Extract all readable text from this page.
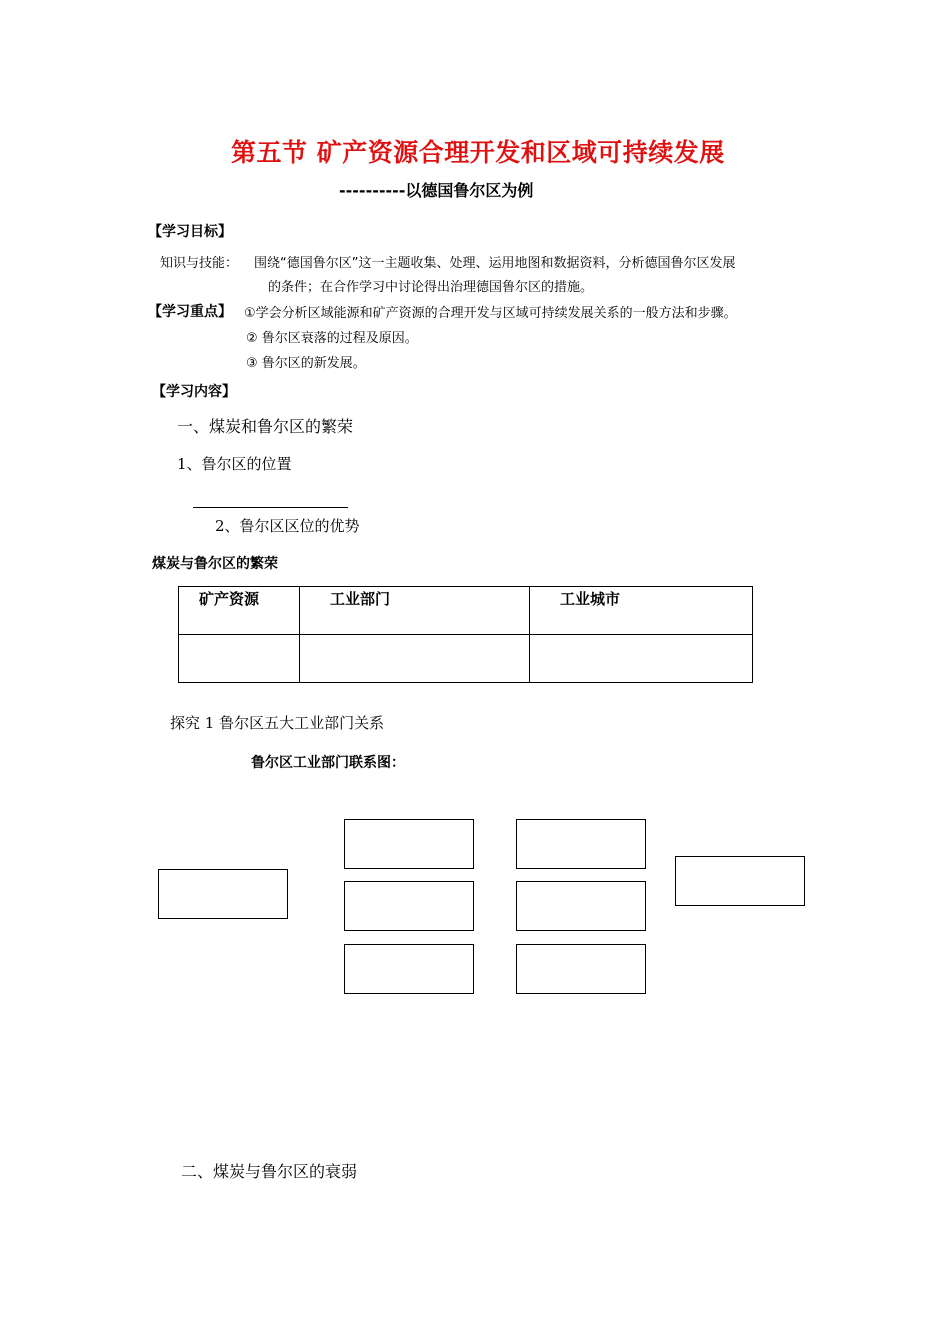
第五节 矿产资源合理开发和区域可持续发展
----------以德国鲁尔区为例
【学习目标】
知识与技能： 围绕“德国鲁尔区”这一主题收集、处理、运用地图和数据资料，分析德国鲁尔区发展
的条件；在合作学习中讨论得出治理德国鲁尔区的措施。
【学习重点】 ①学会分析区域能源和矿产资源的合理开发与区域可持续发展关系的一般方法和步骤。
② 鲁尔区衰落的过程及原因。
③ 鲁尔区的新发展。
【学习内容】
一、煤炭和鲁尔区的繁荣
1、鲁尔区的位置
2、鲁尔区区位的优势
煤炭与鲁尔区的繁荣
矿产资源	工业部门	工业城市

探究 1 鲁尔区五大工业部门关系
鲁尔区工业部门联系图：
二、煤炭与鲁尔区的衰弱
